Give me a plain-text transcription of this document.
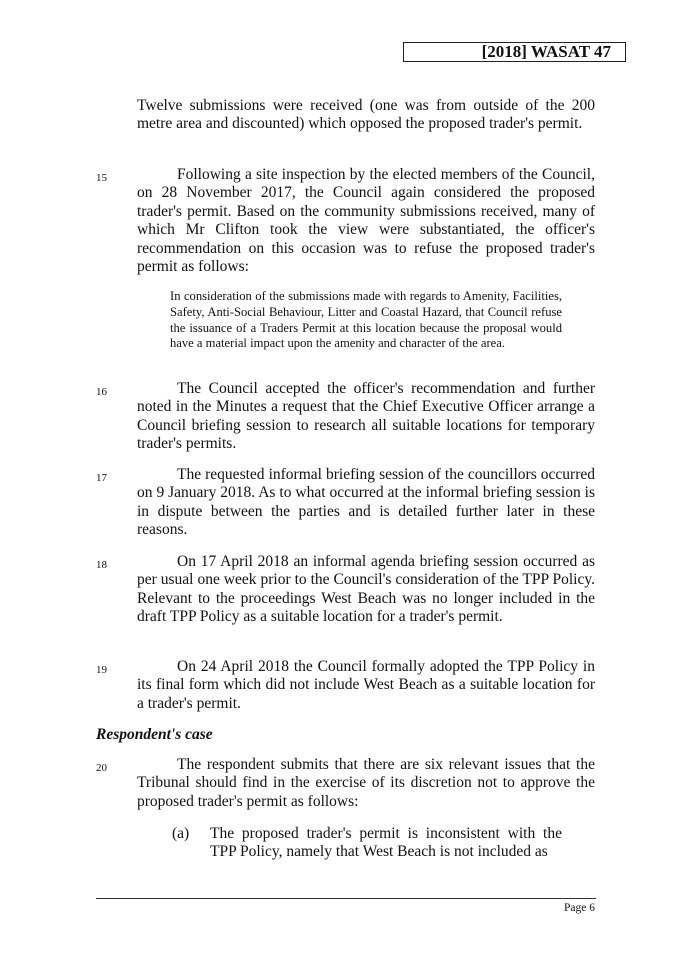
[2018] WASAT 47
Twelve submissions were received (one was from outside of the 200 metre area and discounted) which opposed the proposed trader's permit.
15	Following a site inspection by the elected members of the Council, on 28 November 2017, the Council again considered the proposed trader's permit. Based on the community submissions received, many of which Mr Clifton took the view were substantiated, the officer's recommendation on this occasion was to refuse the proposed trader's permit as follows:
In consideration of the submissions made with regards to Amenity, Facilities, Safety, Anti-Social Behaviour, Litter and Coastal Hazard, that Council refuse the issuance of a Traders Permit at this location because the proposal would have a material impact upon the amenity and character of the area.
16	The Council accepted the officer's recommendation and further noted in the Minutes a request that the Chief Executive Officer arrange a Council briefing session to research all suitable locations for temporary trader's permits.
17	The requested informal briefing session of the councillors occurred on 9 January 2018. As to what occurred at the informal briefing session is in dispute between the parties and is detailed further later in these reasons.
18	On 17 April 2018 an informal agenda briefing session occurred as per usual one week prior to the Council's consideration of the TPP Policy. Relevant to the proceedings West Beach was no longer included in the draft TPP Policy as a suitable location for a trader's permit.
19	On 24 April 2018 the Council formally adopted the TPP Policy in its final form which did not include West Beach as a suitable location for a trader's permit.
Respondent's case
20	The respondent submits that there are six relevant issues that the Tribunal should find in the exercise of its discretion not to approve the proposed trader's permit as follows:
(a) The proposed trader's permit is inconsistent with the TPP Policy, namely that West Beach is not included as
Page 6
